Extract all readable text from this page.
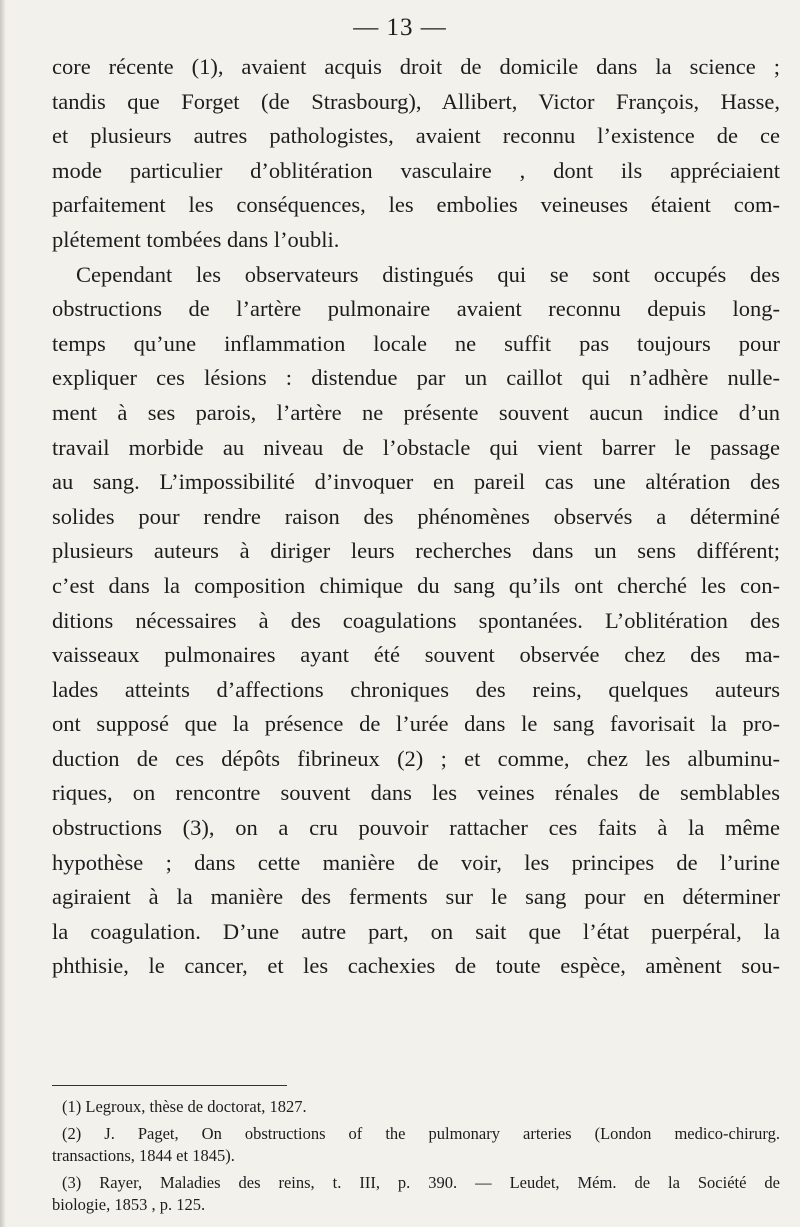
— 13 —
core récente (1), avaient acquis droit de domicile dans la science ;
tandis que Forget (de Strasbourg), Allibert, Victor François, Hasse,
et plusieurs autres pathologistes, avaient reconnu l’existence de ce
mode particulier d’oblitération vasculaire , dont ils appréciaient
parfaitement les conséquences, les embolies veineuses étaient com-
plétement tombées dans l’oubli.
Cependant les observateurs distingués qui se sont occupés des
obstructions de l’artère pulmonaire avaient reconnu depuis long-
temps qu’une inflammation locale ne suffit pas toujours pour
expliquer ces lésions : distendue par un caillot qui n’adhère nulle-
ment à ses parois, l’artère ne présente souvent aucun indice d’un
travail morbide au niveau de l’obstacle qui vient barrer le passage
au sang. L’impossibilité d’invoquer en pareil cas une altération des
solides pour rendre raison des phénomènes observés a déterminé
plusieurs auteurs à diriger leurs recherches dans un sens différent;
c’est dans la composition chimique du sang qu’ils ont cherché les con-
ditions nécessaires à des coagulations spontanées. L’oblitération des
vaisseaux pulmonaires ayant été souvent observée chez des ma-
lades atteints d’affections chroniques des reins, quelques auteurs
ont supposé que la présence de l’urée dans le sang favorisait la pro-
duction de ces dépôts fibrineux (2) ; et comme, chez les albuminu-
riques, on rencontre souvent dans les veines rénales de semblables
obstructions (3), on a cru pouvoir rattacher ces faits à la même
hypothèse ; dans cette manière de voir, les principes de l’urine
agiraient à la manière des ferments sur le sang pour en déterminer
la coagulation. D’une autre part, on sait que l’état puerpéral, la
phthisie, le cancer, et les cachexies de toute espèce, amènent sou-
(1) Legroux, thèse de doctorat, 1827.
(2) J. Paget, On obstructions of the pulmonary arteries (London medico-chirurg.
transactions, 1844 et 1845).
(3) Rayer, Maladies des reins, t. III, p. 390. — Leudet, Mém. de la Société de
biologie, 1853 , p. 125.
